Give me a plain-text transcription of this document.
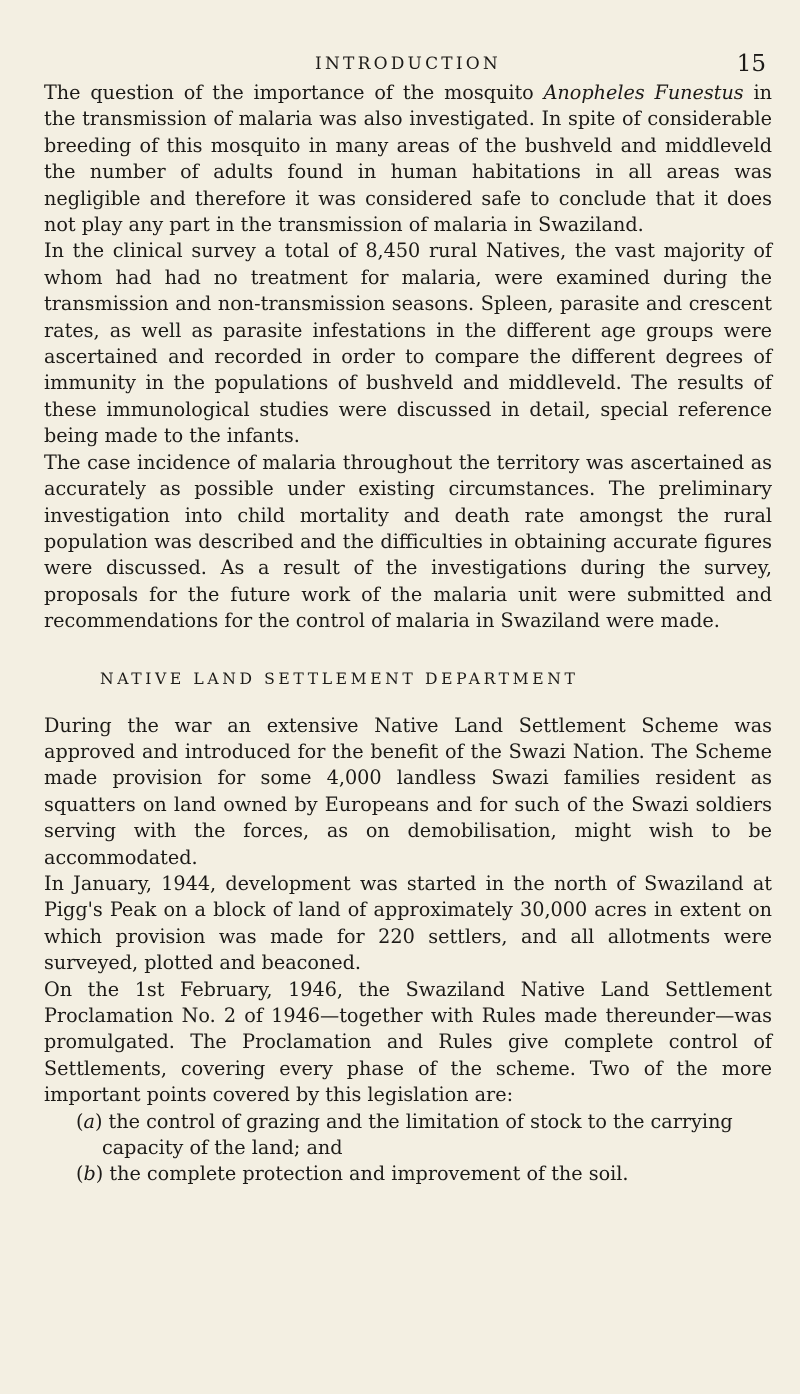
INTRODUCTION	15

The question of the importance of the mosquito Anopheles Funestus in the transmission of malaria was also investigated. In spite of considerable breeding of this mosquito in many areas of the bushveld and middleveld the number of adults found in human habitations in all areas was negligible and therefore it was considered safe to conclude that it does not play any part in the transmission of malaria in Swaziland.

In the clinical survey a total of 8,450 rural Natives, the vast majority of whom had had no treatment for malaria, were examined during the transmission and non-transmission seasons. Spleen, parasite and crescent rates, as well as parasite infestations in the different age groups were ascertained and recorded in order to compare the different degrees of immunity in the populations of bushveld and middleveld. The results of these immunological studies were discussed in detail, special reference being made to the infants.

The case incidence of malaria throughout the territory was ascertained as accurately as possible under existing circumstances. The preliminary investigation into child mortality and death rate amongst the rural population was described and the difficulties in obtaining accurate figures were discussed. As a result of the investigations during the survey, proposals for the future work of the malaria unit were submitted and recommendations for the control of malaria in Swaziland were made.

NATIVE LAND SETTLEMENT DEPARTMENT

During the war an extensive Native Land Settlement Scheme was approved and introduced for the benefit of the Swazi Nation. The Scheme made provision for some 4,000 landless Swazi families resident as squatters on land owned by Europeans and for such of the Swazi soldiers serving with the forces, as on demobilisation, might wish to be accommodated.

In January, 1944, development was started in the north of Swaziland at Pigg's Peak on a block of land of approximately 30,000 acres in extent on which provision was made for 220 settlers, and all allotments were surveyed, plotted and beaconed.

On the 1st February, 1946, the Swaziland Native Land Settlement Proclamation No. 2 of 1946—together with Rules made thereunder—was promulgated. The Proclamation and Rules give complete control of Settlements, covering every phase of the scheme. Two of the more important points covered by this legislation are:

(a) the control of grazing and the limitation of stock to the carrying capacity of the land; and
(b) the complete protection and improvement of the soil.
